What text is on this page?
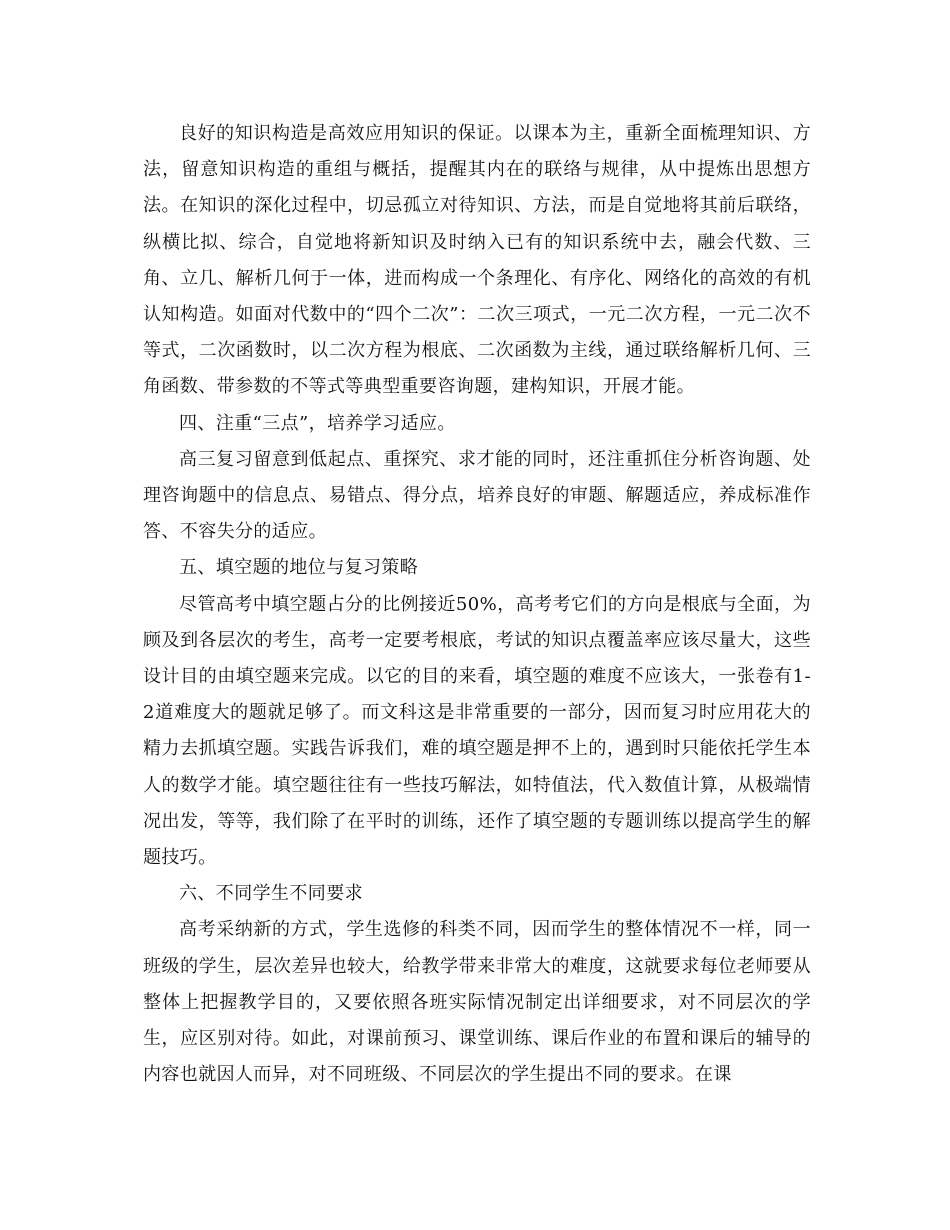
良好的知识构造是高效应用知识的保证。以课本为主，重新全面梳理知识、方法，留意知识构造的重组与概括，提醒其内在的联络与规律，从中提炼出思想方法。在知识的深化过程中，切忌孤立对待知识、方法，而是自觉地将其前后联络，纵横比拟、综合，自觉地将新知识及时纳入已有的知识系统中去，融会代数、三角、立几、解析几何于一体，进而构成一个条理化、有序化、网络化的高效的有机认知构造。如面对代数中的“四个二次”：二次三项式，一元二次方程，一元二次不等式，二次函数时，以二次方程为根底、二次函数为主线，通过联络解析几何、三角函数、带参数的不等式等典型重要咨询题，建构知识，开展才能。

四、注重“三点”，培养学习适应。

高三复习留意到低起点、重探究、求才能的同时，还注重抓住分析咨询题、处理咨询题中的信息点、易错点、得分点，培养良好的审题、解题适应，养成标准作答、不容失分的适应。

五、填空题的地位与复习策略

尽管高考中填空题占分的比例接近50%，高考考它们的方向是根底与全面，为顾及到各层次的考生，高考一定要考根底，考试的知识点覆盖率应该尽量大，这些设计目的由填空题来完成。以它的目的来看，填空题的难度不应该大，一张卷有1-2道难度大的题就足够了。而文科这是非常重要的一部分，因而复习时应用花大的精力去抓填空题。实践告诉我们，难的填空题是押不上的，遇到时只能依托学生本人的数学才能。填空题往往有一些技巧解法，如特值法，代入数值计算，从极端情况出发，等等，我们除了在平时的训练，还作了填空题的专题训练以提高学生的解题技巧。

六、不同学生不同要求

高考采纳新的方式，学生选修的科类不同，因而学生的整体情况不一样，同一班级的学生，层次差异也较大，给教学带来非常大的难度，这就要求每位老师要从整体上把握教学目的，又要依照各班实际情况制定出详细要求，对不同层次的学生，应区别对待。如此，对课前预习、课堂训练、课后作业的布置和课后的辅导的内容也就因人而异，对不同班级、不同层次的学生提出不同的要求。在课
